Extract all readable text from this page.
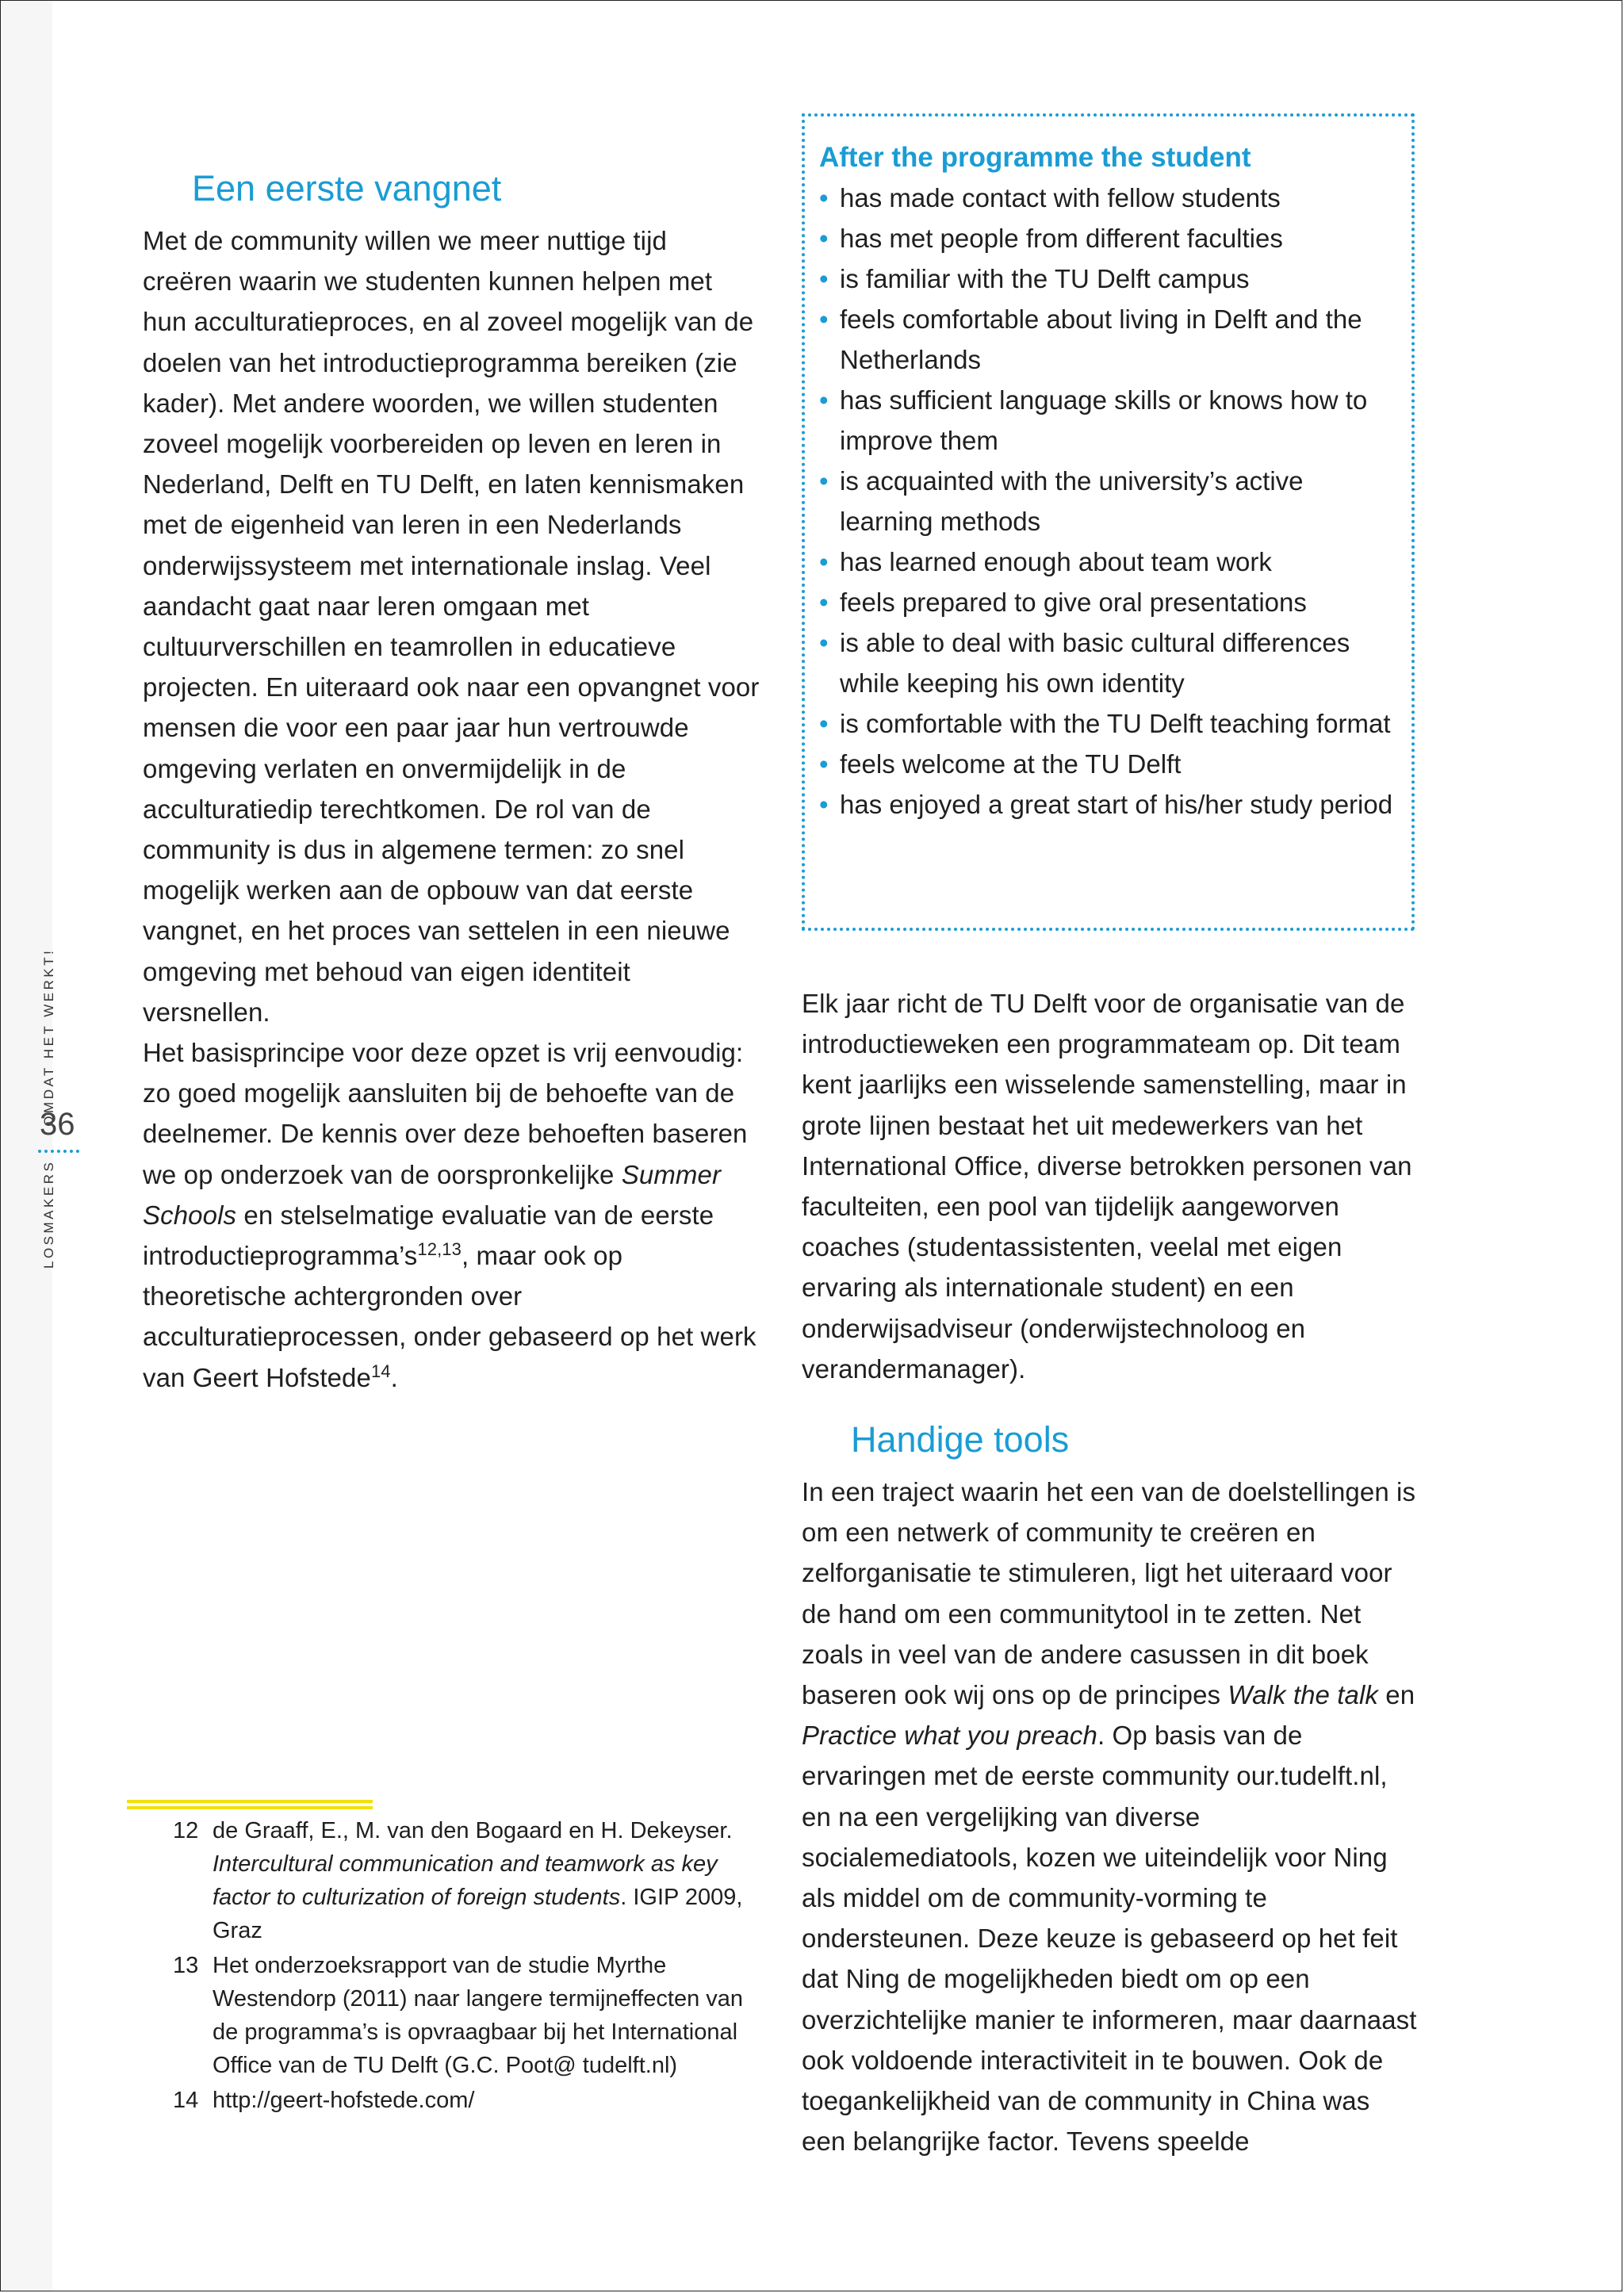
LOSMAKERSOMDAT HET WERKT!
36
Een eerste vangnet

Met de community willen we meer nuttige tijd creëren waarin we studenten kunnen helpen met hun acculturatieproces, en al zoveel mogelijk van de doelen van het introductieprogramma bereiken (zie kader). Met andere woorden, we willen studenten zoveel mogelijk voorbereiden op leven en leren in Nederland, Delft en TU Delft, en laten kennismaken met de eigenheid van leren in een Nederlands onderwijssysteem met internationale inslag. Veel aandacht gaat naar leren omgaan met cultuurverschillen en teamrollen in educatieve projecten. En uiteraard ook naar een opvangnet voor mensen die voor een paar jaar hun vertrouwde omgeving verlaten en onvermijdelijk in de acculturatiedip terechtkomen. De rol van de community is dus in algemene termen: zo snel mogelijk werken aan de opbouw van dat eerste vangnet, en het proces van settelen in een nieuwe omgeving met behoud van eigen identiteit versnellen.

Het basisprincipe voor deze opzet is vrij eenvoudig: zo goed mogelijk aansluiten bij de behoefte van de deelnemer. De kennis over deze behoeften baseren we op onderzoek van de oorspronkelijke Summer Schools en stelselmatige evaluatie van de eerste $introductieprogramma’s^{12,13}$, maar ook op theoretische achtergronden over acculturatieprocessen, onder gebaseerd op het werk van Geert Hofstede$^{14}$.

After the programme the student

• has made contact with fellow students
• has met people from different faculties
• is familiar with the TU Delft campus
• feels comfortable about living in Delft and the Netherlands
• has sufficient language skills or knows how to improve them
• is acquainted with the university’s active learning methods
• has learned enough about team work
• feels prepared to give oral presentations
• is able to deal with basic cultural differences while keeping his own identity
• is comfortable with the TU Delft teaching format
• feels welcome at the TU Delft
• has enjoyed a great start of his/her study period

Elk jaar richt de TU Delft voor de organisatie van de introductieweken een programmateam op. Dit team kent jaarlijks een wisselende samenstelling, maar in grote lijnen bestaat het uit medewerkers van het International Office, diverse betrokken personen van faculteiten, een pool van tijdelijk aangeworven coaches (studentassistenten, veelal met eigen ervaring als internationale student) en een onderwijsadviseur (onderwijstechnoloog en verandermanager).

Handige tools

In een traject waarin het een van de doelstellingen is om een netwerk of community te creëren en zelforganisatie te stimuleren, ligt het uiteraard voor de hand om een communitytool in te zetten. Net zoals in veel van de andere casussen in dit boek baseren ook wij ons op de principes Walk the talk en Practice what you preach. Op basis van de ervaringen met de eerste community our.tudelft.nl, en na een vergelijking van diverse socialemediatools, kozen we uiteindelijk voor Ning als middel om de community-vorming te ondersteunen. Deze keuze is gebaseerd op het feit dat Ning de mogelijkheden biedt om op een overzichtelijke manier te informeren, maar daarnaast ook voldoende interactiviteit in te bouwen. Ook de toegankelijkheid van de community in China was een belangrijke factor. Tevens speelde

12 de Graaff, E., M. van den Bogaard en H. Dekeyser. Intercultural communication and teamwork as key factor to culturization of foreign students. IGIP 2009, Graz
13 Het onderzoeksrapport van de studie Myrthe Westendorp (2011) naar langere termijneffecten van de programma’s is opvraagbaar bij het International Office van de TU Delft (G.C. Poot@ tudelft.nl)
14 http://geert-hofstede.com/
